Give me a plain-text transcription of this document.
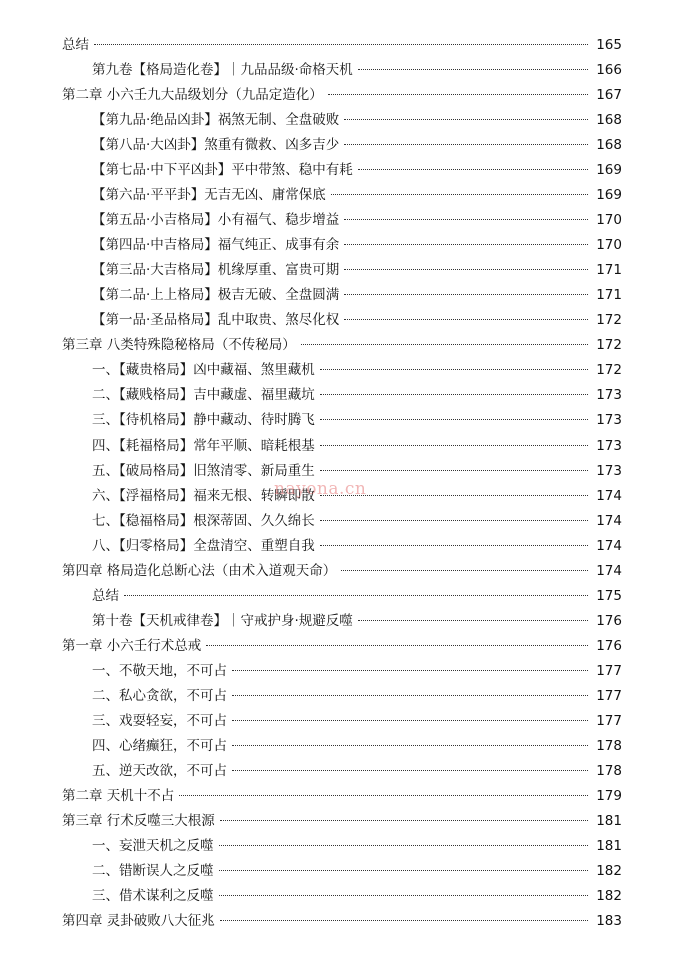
总结	165
第九卷【格局造化卷】｜九品品级·命格天机	166
第二章 小六壬九大品级划分（九品定造化）	167
【第九品·绝品凶卦】祸煞无制、全盘破败	168
【第八品·大凶卦】煞重有微救、凶多吉少	168
【第七品·中下平凶卦】平中带煞、稳中有耗	169
【第六品·平平卦】无吉无凶、庸常保底	169
【第五品·小吉格局】小有福气、稳步增益	170
【第四品·中吉格局】福气纯正、成事有余	170
【第三品·大吉格局】机缘厚重、富贵可期	171
【第二品·上上格局】极吉无破、全盘圆满	171
【第一品·圣品格局】乱中取贵、煞尽化权	172
第三章 八类特殊隐秘格局（不传秘局）	172
一、【藏贵格局】凶中藏福、煞里藏机	172
二、【藏贱格局】吉中藏虚、福里藏坑	173
三、【待机格局】静中藏动、待时腾飞	173
四、【耗福格局】常年平顺、暗耗根基	173
五、【破局格局】旧煞清零、新局重生	173
六、【浮福格局】福来无根、转瞬即散	174
七、【稳福格局】根深蒂固、久久绵长	174
八、【归零格局】全盘清空、重塑自我	174
第四章 格局造化总断心法（由术入道观天命）	174
总结	175
第十卷【天机戒律卷】｜守戒护身·规避反噬	176
第一章 小六壬行术总戒	176
一、不敬天地，不可占	177
二、私心贪欲，不可占	177
三、戏耍轻妄，不可占	177
四、心绪癫狂，不可占	178
五、逆天改欲，不可占	178
第二章 天机十不占	179
第三章 行术反噬三大根源	181
一、妄泄天机之反噬	181
二、错断误人之反噬	182
三、借术谋利之反噬	182
第四章 灵卦破败八大征兆	183
nayona.cn
